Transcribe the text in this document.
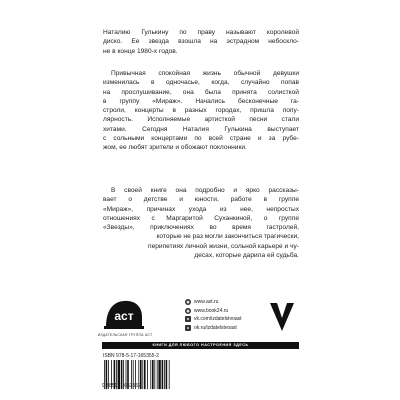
Наталию Гулькину по праву называют королевой

диско. Ее звезда взошла на эстрадном небоскло-

не в конце 1980-х годов.

Привычная спокойная жизнь обычной девушки

изменилась в одночасье, когда, случайно попав

на прослушивание, она была принята солисткой

в группу «Мираж». Начались бесконечные га-

строли, концерты в разных городах, пришла попу-

лярность. Исполняемые артисткой песни стали

хитами. Сегодня Наталия Гулькина выступает

с сольными концертами по всей стране и за рубе-

жом, ее любят зрители и обожают поклонники.

В своей книге она подробно и ярко рассказы-

вает о детстве и юности, работе в группе

«Мираж», причинах ухода из нее, непростых

отношениях с Маргаритой Суханкиной, о группе

«Звезды», приключениях во время гастролей,

которые не раз могли закончиться трагически,

перипетиях личной жизни, сольной карьере и чу-

десах, которые дарила ей судьба.

аст
ИЗДАТЕЛЬСКАЯ ГРУППА АСТ
◉ www.ast.ru
◉ www.book24.ru
в vk.com/izdatelstvoast
о ok.ru/izdatelstvoast
КНИГИ ДЛЯ ЛЮБОГО НАСТРОЕНИЯ ЗДЕСЬ
ISBN 978-5-17-165355-2
9 785171 653552
